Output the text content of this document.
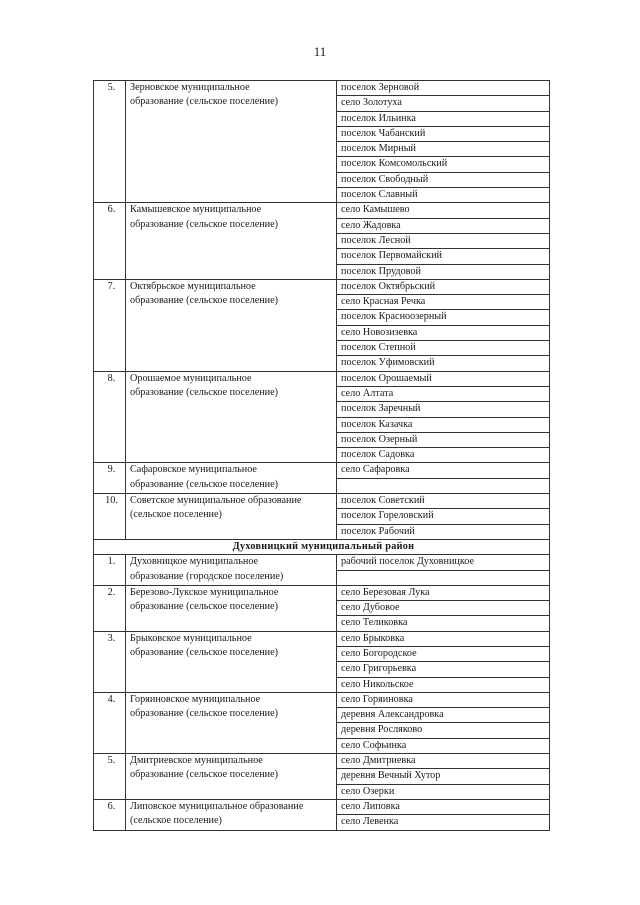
11
5.	Зерновское муниципальное
образование (сельское поселение)	поселок Зерновой
		село Золотуха
		поселок Ильинка
		поселок Чабанский
		поселок Мирный
		поселок Комсомольский
		поселок Свободный
		поселок Славный
6.	Камышевское муниципальное
образование (сельское поселение)	село Камышево
		село Жадовка
		поселок Лесной
		поселок Первомайский
		поселок Прудовой
7.	Октябрьское муниципальное
образование (сельское поселение)	поселок Октябрьский
		село Красная Речка
		поселок Красноозерный
		село Новозизевка
		поселок Степной
		поселок Уфимовский
8.	Орошаемое муниципальное
образование (сельское поселение)	поселок Орошаемый
		село Алтата
		поселок Заречный
		поселок Казачка
		поселок Озерный
		поселок Садовка
9.	Сафаровское муниципальное
образование (сельское поселение)	село Сафаровка

10.	Советское муниципальное образование
(сельское поселение)	поселок Советский
		поселок Гореловский
		поселок Рабочий
Духовницкий муниципальный район		
1.	Духовницкое муниципальное
образование (городское поселение)	рабочий поселок Духовницкое

2.	Березово-Лукское муниципальное
образование (сельское поселение)	село Березовая Лука
		село Дубовое
		село Теликовка
3.	Брыковское муниципальное
образование (сельское поселение)	село Брыковка
		село Богородское
		село Григорьевка
		село Никольское
4.	Горяиновское муниципальное
образование (сельское поселение)	село Горяиновка
		деревня Александровка
		деревня Росляково
		село Софьинка
5.	Дмитриевское муниципальное
образование (сельское поселение)	село Дмитриевка
		деревня Вечный Хутор
		село Озерки
6.	Липовское муниципальное образование
(сельское поселение)	село Липовка
		село Левенка
